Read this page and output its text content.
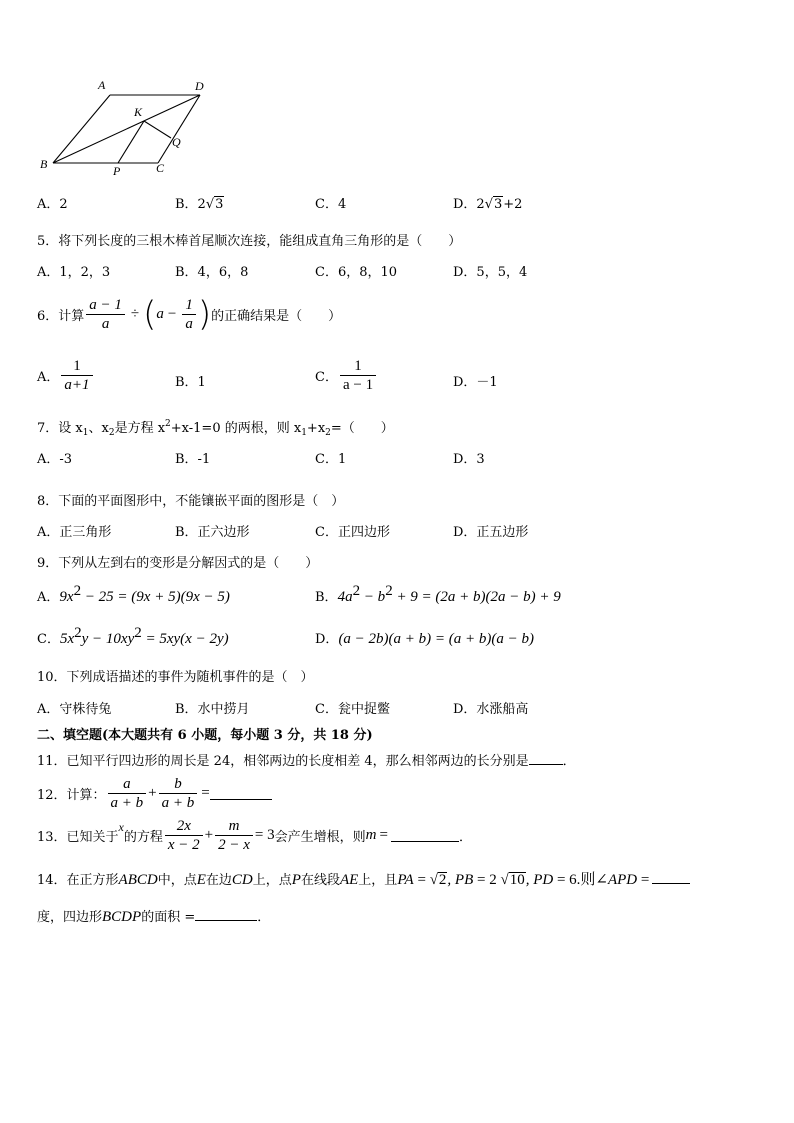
A	D
K
Q
B	P	C
A．2	B．2√3	C．4	D．2√3+2
5．将下列长度的三根木棒首尾顺次连接，能组成直角三角形的是（　　）
A．1，2，3	B．4，6，8	C．6，8，10	D．5，5，4
6．计算 $\frac{a - 1}{a} \div (a - \frac{1}{a}$ )的正确结果是（　　）
A． $\frac{1}{a+1}$	B．1	C． $\frac{1}{a - 1}$	D．－1
7．设 $x_1$、$x_2$是方程 $x^2+x-1=0$ 的两根，则 $x_1+x_2=$（　　）
A．-3	B．-1	C．1	D．3
8．下面的平面图形中，不能镶嵌平面的图形是（　）
A．正三角形	B．正六边形	C．正四边形	D．正五边形
9．下列从左到右的变形是分解因式的是（　　）
A．$9x^2 - 25 = (9x + 5)(9x - 5)$	B．$4a^2 - b^2 + 9 = (2a + b)(2a - b) + 9$
C．$5x^2y - 10xy^2 = 5xy(x - 2y)$	D．(a − 2b)(a + b) = (a + b)(a − b)
10．下列成语描述的事件为随机事件的是（　）
A．守株待兔	B．水中捞月	C．瓮中捉鳖	D．水涨船高
二、填空题(本大题共有 6 小题，每小题 3 分，共 18 分)
11．已知平行四边形的周长是 24，相邻两边的长度相差 4，那么相邻两边的长分别是	．
12．计算： $\frac{a}{a + b} + \frac{b}{a + b}$ =
13．已知关于x的方程 $\frac{2x}{x - 2} + \frac{m}{2 - x} = 3$会产生增根，则m =	．
14．在正方形ABCD中，点E在边CD上，点P在线段AE上，且PA = √2, PB = 2 √10, PD = 6.则∠APD =
度，四边形BCDP的面积 =	．
